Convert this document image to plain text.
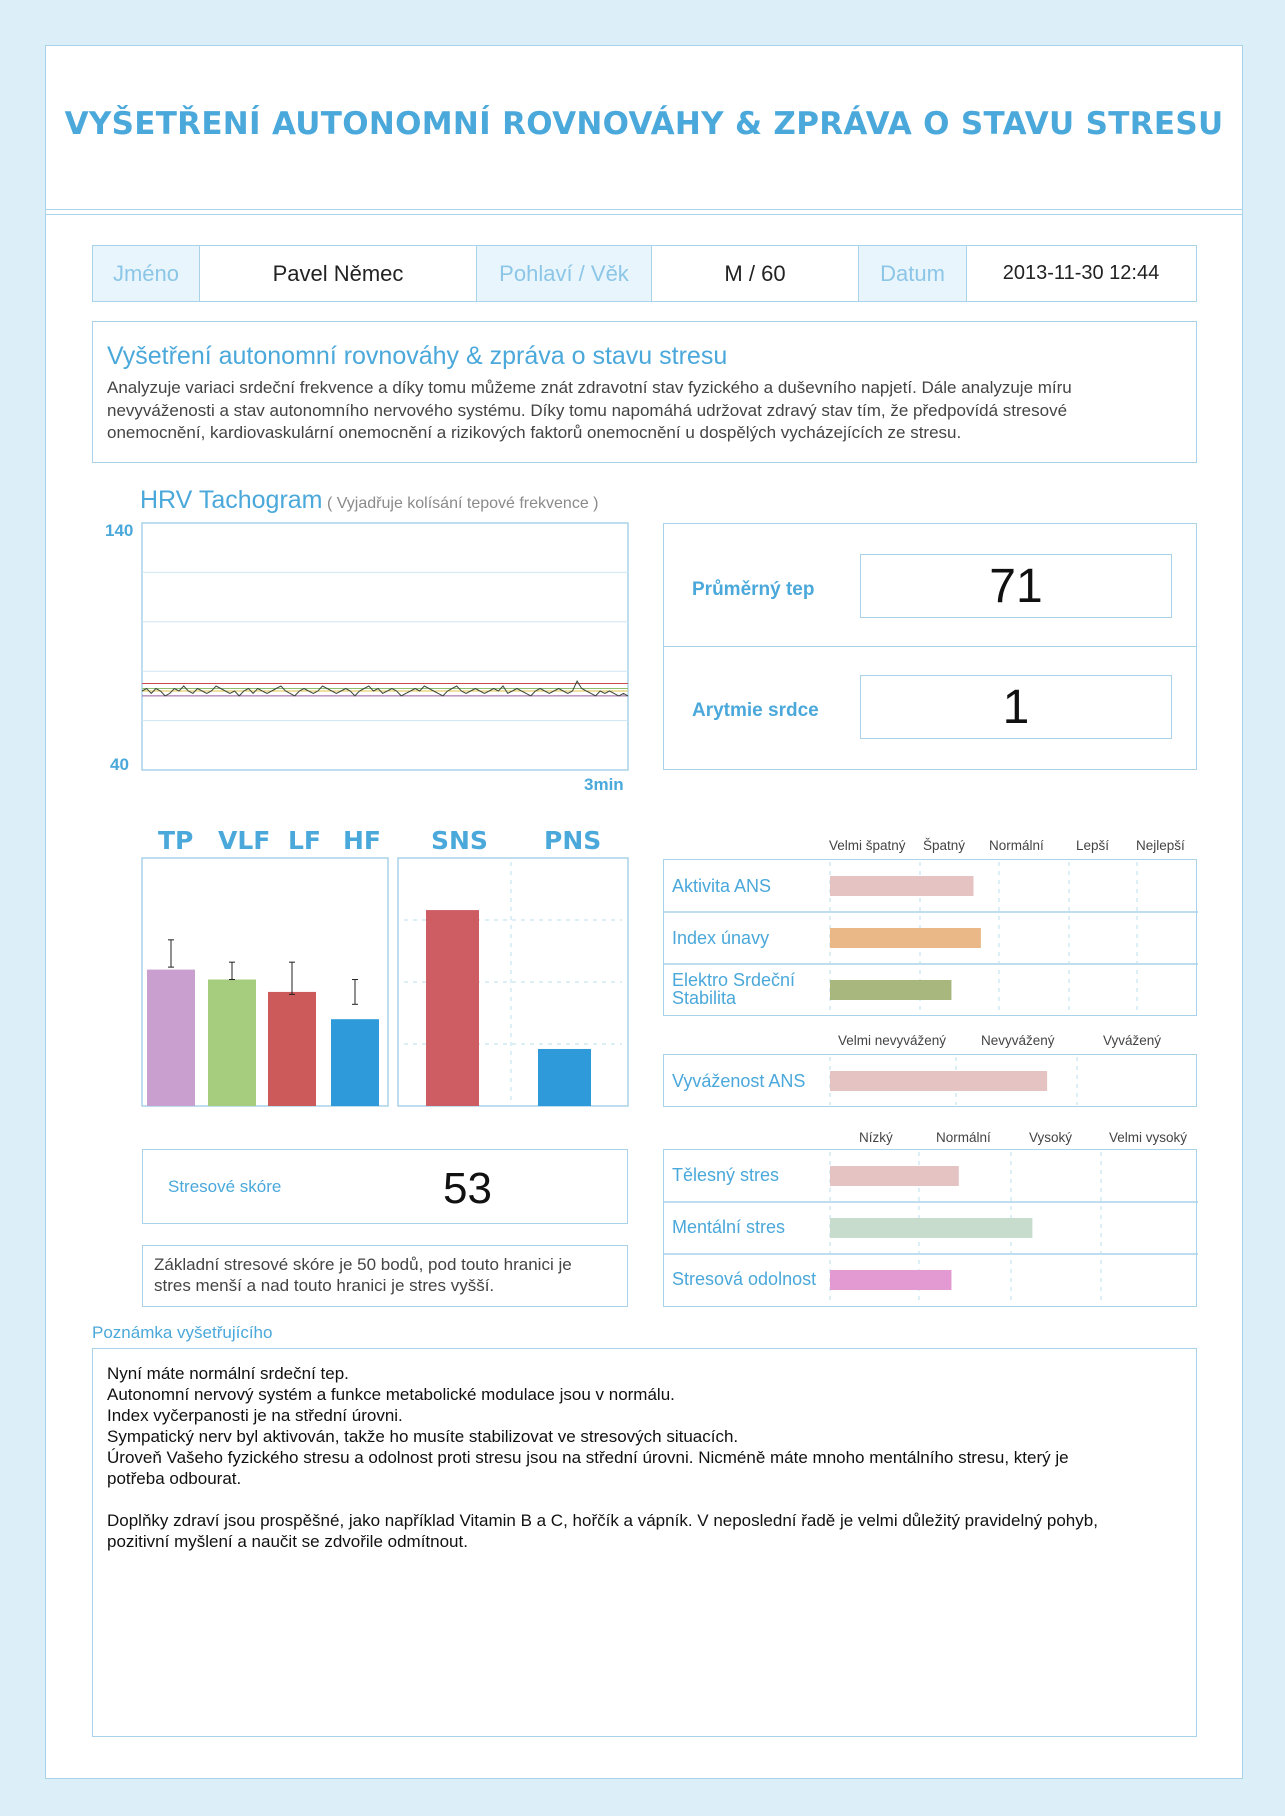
VYŠETŘENÍ AUTONOMNÍ ROVNOVÁHY & ZPRÁVA O STAVU STRESU
Jméno	Pavel Němec	Pohlaví / Věk	M / 60	Datum	2013-11-30 12:44
Vyšetření autonomní rovnováhy & zpráva o stavu stresu
Analyzuje variaci srdeční frekvence a díky tomu můžeme znát zdravotní stav fyzického a duševního napjetí. Dále analyzuje míru
nevyváženosti a stav autonomního nervového systému. Díky tomu napomáhá udržovat zdravý stav tím, že předpovídá stresové
onemocnění, kardiovaskulární onemocnění a rizikových faktorů onemocnění u dospělých vycházejících ze stresu.
HRV Tachogram ( Vyjadřuje kolísání tepové frekvence )
140
40
3min
Průměrný tep	71
Arytmie srdce	1
TP VLF LF HF SNS PNS
Stresové skóre	53
Základní stresové skóre je 50 bodů, pod touto hranici je
stres menší a nad touto hranici je stres vyšší.
Velmi špatný Špatný Normální Lepší Nejlepší
Aktivita ANS
Index únavy
Elektro Srdeční Stabilita
Velmi nevyvážený	Nevyvážený	Vyvážený
Vyváženost ANS
Nízký	Normální	Vysoký	Velmi vysoký
Tělesný stres
Mentální stres
Stresová odolnost
Poznámka vyšetřujícího
Nyní máte normální srdeční tep.
Autonomní nervový systém a funkce metabolické modulace jsou v normálu.
Index vyčerpanosti je na střední úrovni.
Sympatický nerv byl aktivován, takže ho musíte stabilizovat ve stresových situacích.
Úroveň Vašeho fyzického stresu a odolnost proti stresu jsou na střední úrovni. Nicméně máte mnoho mentálního stresu, který je
potřeba odbourat.
Doplňky zdraví jsou prospěšné, jako například Vitamin B a C, hořčík a vápník. V neposlední řadě je velmi důležitý pravidelný pohyb,
pozitivní myšlení a naučit se zdvořile odmítnout.
